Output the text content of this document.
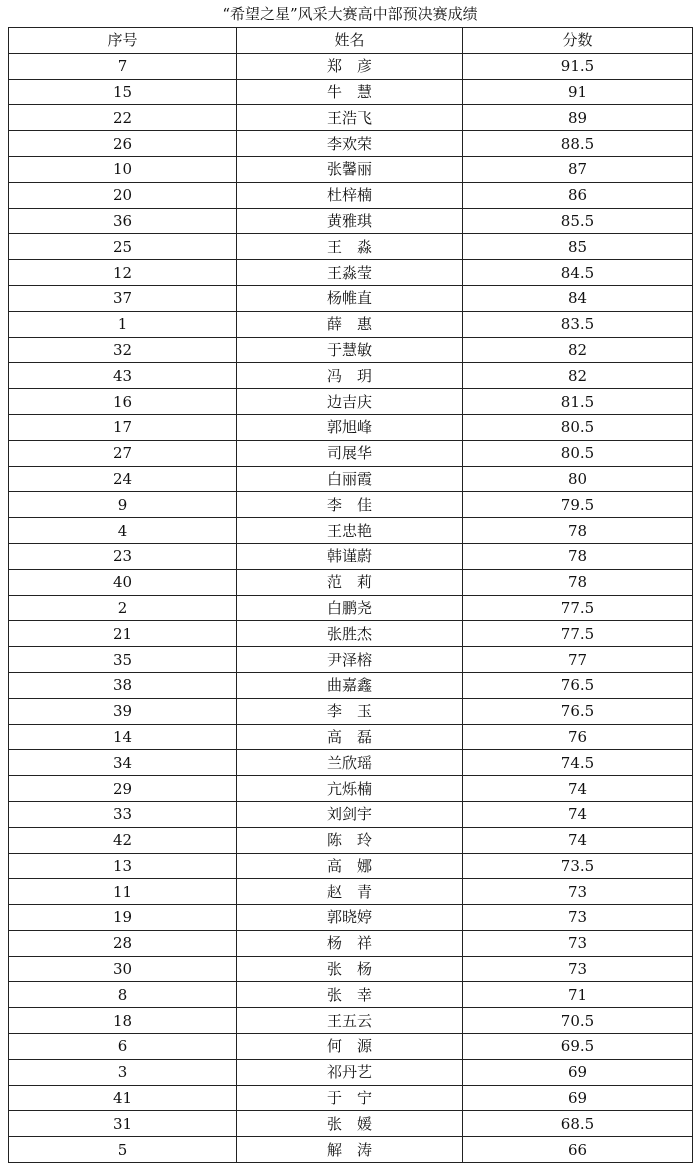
“希望之星”风采大赛高中部预决赛成绩
序号	姓名	分数
7	郑　彦	91.5
15	牛　慧	91
22	王浩飞	89
26	李欢荣	88.5
10	张馨丽	87
20	杜梓楠	86
36	黄雅琪	85.5
25	王　淼	85
12	王淼莹	84.5
37	杨帷直	84
1	薛　惠	83.5
32	于慧敏	82
43	冯　玥	82
16	边吉庆	81.5
17	郭旭峰	80.5
27	司展华	80.5
24	白丽霞	80
9	李　佳	79.5
4	王忠艳	78
23	韩谨蔚	78
40	范　莉	78
2	白鹏尧	77.5
21	张胜杰	77.5
35	尹泽榕	77
38	曲嘉鑫	76.5
39	李　玉	76.5
14	高　磊	76
34	兰欣瑶	74.5
29	亢烁楠	74
33	刘剑宇	74
42	陈　玲	74
13	高　娜	73.5
11	赵　青	73
19	郭晓婷	73
28	杨　祥	73
30	张　杨	73
8	张　幸	71
18	王五云	70.5
6	何　源	69.5
3	祁丹艺	69
41	于　宁	69
31	张　媛	68.5
5	解　涛	66
